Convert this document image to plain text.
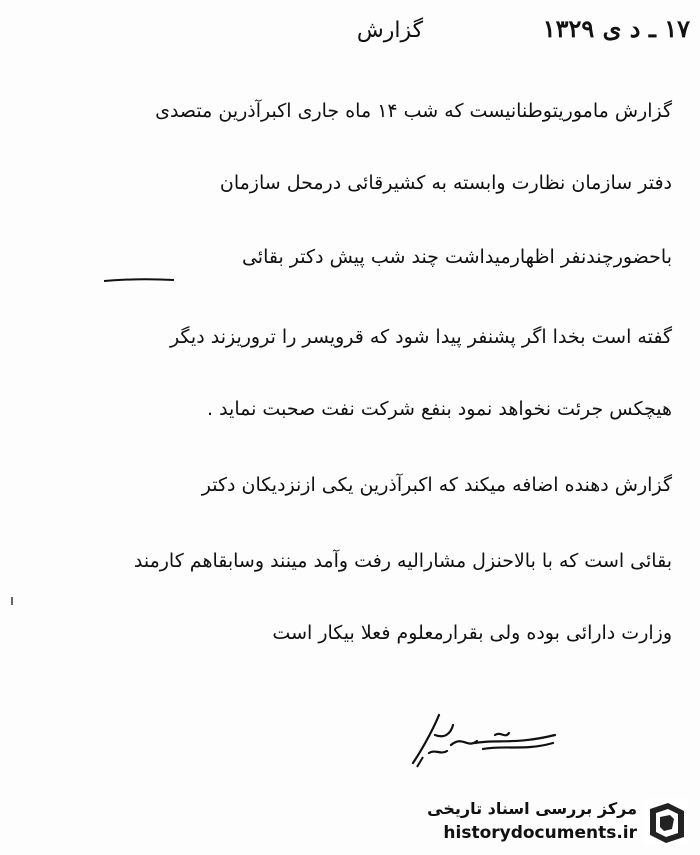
۱۷ ـ د ی ۱۳۲۹
گزارش
گزارش ماموریتوطنانیست که شب ۱۴ ماه جاری اکبرآذرین متصدی
دفتر سازمان نظارت وابسته به کشیرقائی درمحل سازمان
باحضورچندنفر اظهارمیداشت چند شب پیش دکتر بقائی
گفته است بخدا اگر پشنفر پیدا شود که قرویسر را تروریزند دیگر
هیچکس جرئت نخواهد نمود بنفع شرکت نفت صحبت نماید .
گزارش دهنده اضافه میکند که اکبرآذرین یکی ازنزدیکان دکتر
بقائی است که با بالاحنزل مشارالیه رفت وآمد مینند وسابقاهم کارمند
وزارت دارائی بوده ولی بقرارمعلوم فعلا بیکار است
مرکز بررسی اسناد تاریخی
historydocuments.ir
